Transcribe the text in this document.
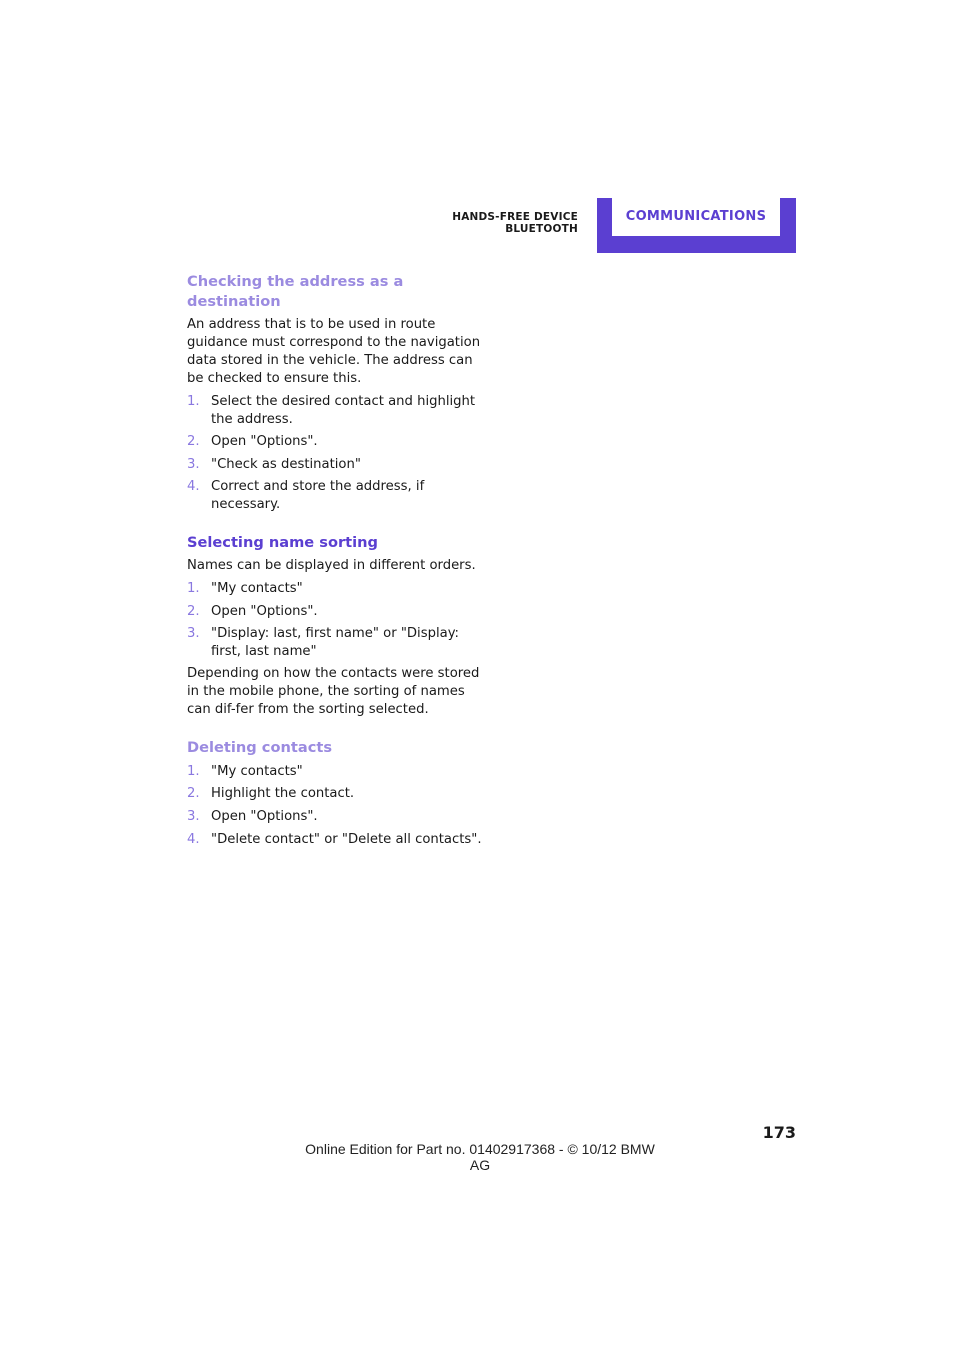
HANDS-FREE DEVICE BLUETOOTH
COMMUNICATIONS
Checking the address as a destination

An address that is to be used in route guidance must correspond to the navigation data stored in the vehicle. The address can be checked to ensure this.

1. Select the desired contact and highlight the address.
2. Open "Options".
3. "Check as destination"
4. Correct and store the address, if necessary.
Selecting name sorting

Names can be displayed in different orders.

1. "My contacts"
2. Open "Options".
3. "Display: last, first name" or "Display: first, last name"

Depending on how the contacts were stored in the mobile phone, the sorting of names can dif-fer from the sorting selected.

Deleting contacts
1. "My contacts"
2. Highlight the contact.
3. Open "Options".
4. "Delete contact" or "Delete all contacts".
173
Online Edition for Part no. 01402917368 - © 10/12 BMW AG
